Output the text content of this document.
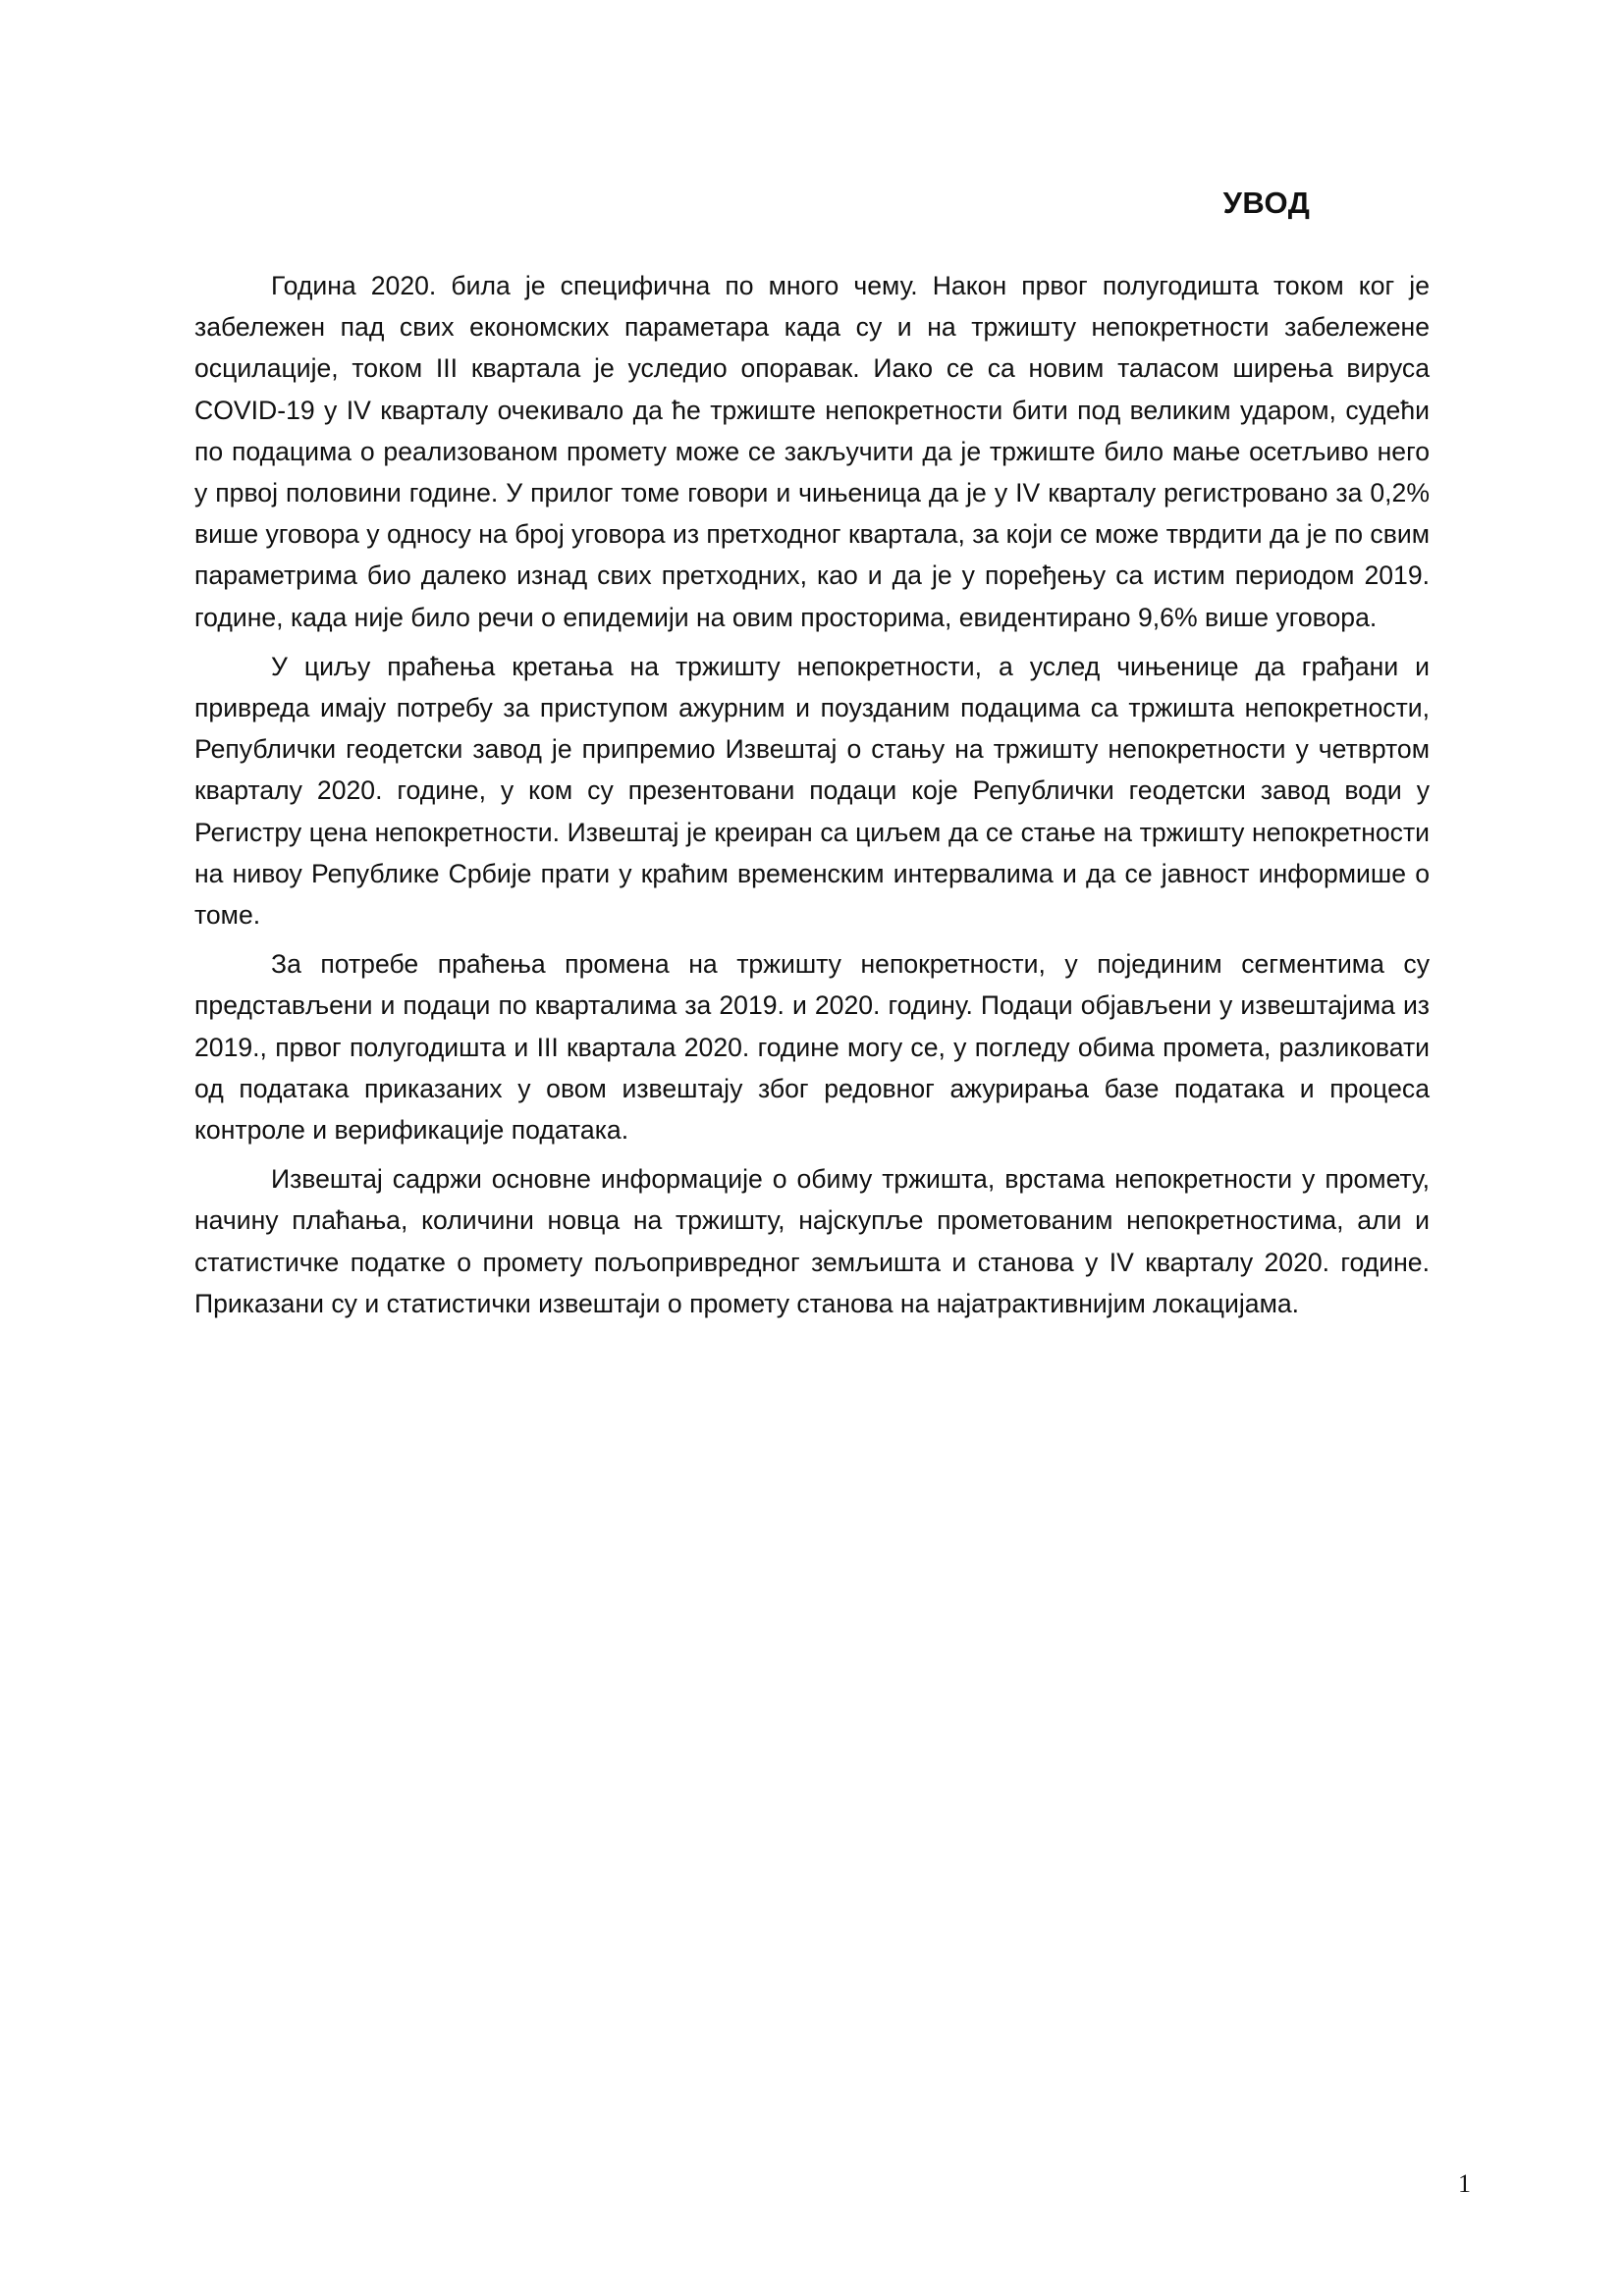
УВОД

Година 2020. била је специфична по много чему. Након првог полугодишта током ког је забележен пад свих економских параметара када су и на тржишту непокретности забележене осцилације, током III квартала је уследио опоравак. Иако се са новим таласом ширења вируса COVID-19 у IV кварталу очекивало да ће тржиште непокретности бити под великим ударом, судећи по подацима о реализованом промету може се закључити да је тржиште било мање осетљиво него у првој половини године. У прилог томе говори и чињеница да је у IV кварталу регистровано за 0,2% више уговора у односу на број уговора из претходног квартала, за који се може тврдити да је по свим параметрима био далеко изнад свих претходних, као и да је у поређењу са истим периодом 2019. године, када није било речи о епидемији на овим просторима, евидентирано 9,6% више уговора.

У циљу праћења кретања на тржишту непокретности, а услед чињенице да грађани и привреда имају потребу за приступом ажурним и поузданим подацима са тржишта непокретности, Републички геодетски завод је припремио Извештај о стању на тржишту непокретности у четвртом кварталу 2020. године, у ком су презентовани подаци које Републички геодетски завод води у Регистру цена непокретности. Извештај је креиран са циљем да се стање на тржишту непокретности на нивоу Републике Србије прати у краћим временским интервалима и да се јавност информише о томе.

За потребе праћења промена на тржишту непокретности, у појединим сегментима су представљени и подаци по кварталима за 2019. и 2020. годину. Подаци објављени у извештајима из 2019., првог полугодишта и III квартала 2020. године могу се, у погледу обима промета, разликовати од података приказаних у овом извештају због редовног ажурирања базе података и процеса контроле и верификације података.

Извештај садржи основне информације о обиму тржишта, врстама непокретности у промету, начину плаћања, количини новца на тржишту, најскупље прометованим непокретностима, али и статистичке податке о промету пољопривредног земљишта и станова у IV кварталу 2020. године. Приказани су и статистички извештаји о промету станова на најатрактивнијим локацијама.

1
